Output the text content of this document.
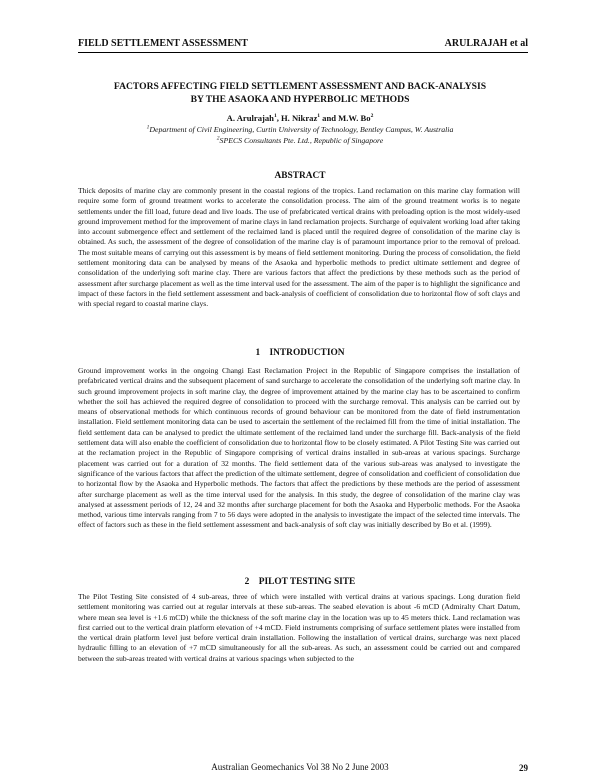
FIELD SETTLEMENT ASSESSMENT	ARULRAJAH et al
FACTORS AFFECTING FIELD SETTLEMENT ASSESSMENT AND BACK-ANALYSIS
BY THE ASAOKA AND HYPERBOLIC METHODS
A. Arulrajah$^1$, H. Nikraz$^1$ and M.W. Bo$^2$
$^1$Department of Civil Engineering, Curtin University of Technology, Bentley Campus, W. Australia
$^2$SPECS Consultants Pte. Ltd., Republic of Singapore
ABSTRACT
Thick deposits of marine clay are commonly present in the coastal regions of the tropics. Land reclamation on this marine clay formation will require some form of ground treatment works to accelerate the consolidation process. The aim of the ground treatment works is to negate settlements under the fill load, future dead and live loads. The use of prefabricated vertical drains with preloading option is the most widely-used ground improvement method for the improvement of marine clays in land reclamation projects. Surcharge of equivalent working load after taking into account submergence effect and settlement of the reclaimed land is placed until the required degree of consolidation of the marine clay is obtained. As such, the assessment of the degree of consolidation of the marine clay is of paramount importance prior to the removal of preload. The most suitable means of carrying out this assessment is by means of field settlement monitoring. During the process of consolidation, the field settlement monitoring data can be analysed by means of the Asaoka and hyperbolic methods to predict ultimate settlement and degree of consolidation of the underlying soft marine clay. There are various factors that affect the predictions by these methods such as the period of assessment after surcharge placement as well as the time interval used for the assessment. The aim of the paper is to highlight the significance and impact of these factors in the field settlement assessment and back-analysis of coefficient of consolidation due to horizontal flow of soft clays and with special regard to coastal marine clays.
1 INTRODUCTION
Ground improvement works in the ongoing Changi East Reclamation Project in the Republic of Singapore comprises the installation of prefabricated vertical drains and the subsequent placement of sand surcharge to accelerate the consolidation of the underlying soft marine clay. In such ground improvement projects in soft marine clay, the degree of improvement attained by the marine clay has to be ascertained to confirm whether the soil has achieved the required degree of consolidation to proceed with the surcharge removal. This analysis can be carried out by means of observational methods for which continuous records of ground behaviour can be monitored from the date of field instrumentation installation. Field settlement monitoring data can be used to ascertain the settlement of the reclaimed fill from the time of initial installation. The field settlement data can be analysed to predict the ultimate settlement of the reclaimed land under the surcharge fill. Back-analysis of the field settlement data will also enable the coefficient of consolidation due to horizontal flow to be closely estimated. A Pilot Testing Site was carried out at the reclamation project in the Republic of Singapore comprising of vertical drains installed in sub-areas at various spacings. Surcharge placement was carried out for a duration of 32 months. The field settlement data of the various sub-areas was analysed to investigate the significance of the various factors that affect the prediction of the ultimate settlement, degree of consolidation and coefficient of consolidation due to horizontal flow by the Asaoka and Hyperbolic methods. The factors that affect the predictions by these methods are the period of assessment after surcharge placement as well as the time interval used for the analysis. In this study, the degree of consolidation of the marine clay was analysed at assessment periods of 12, 24 and 32 months after surcharge placement for both the Asaoka and Hyperbolic methods. For the Asaoka method, various time intervals ranging from 7 to 56 days were adopted in the analysis to investigate the impact of the selected time intervals. The effect of factors such as these in the field settlement assessment and back-analysis of soft clay was initially described by Bo et al. (1999).
2 PILOT TESTING SITE
The Pilot Testing Site consisted of 4 sub-areas, three of which were installed with vertical drains at various spacings. Long duration field settlement monitoring was carried out at regular intervals at these sub-areas. The seabed elevation is about -6 mCD (Admiralty Chart Datum, where mean sea level is +1.6 mCD) while the thickness of the soft marine clay in the location was up to 45 meters thick. Land reclamation was first carried out to the vertical drain platform elevation of +4 mCD. Field instruments comprising of surface settlement plates were installed from the vertical drain platform level just before vertical drain installation. Following the installation of vertical drains, surcharge was next placed hydraulic filling to an elevation of +7 mCD simultaneously for all the sub-areas. As such, an assessment could be carried out and compared between the sub-areas treated with vertical drains at various spacings when subjected to the
Australian Geomechanics Vol 38 No 2 June 2003	29
